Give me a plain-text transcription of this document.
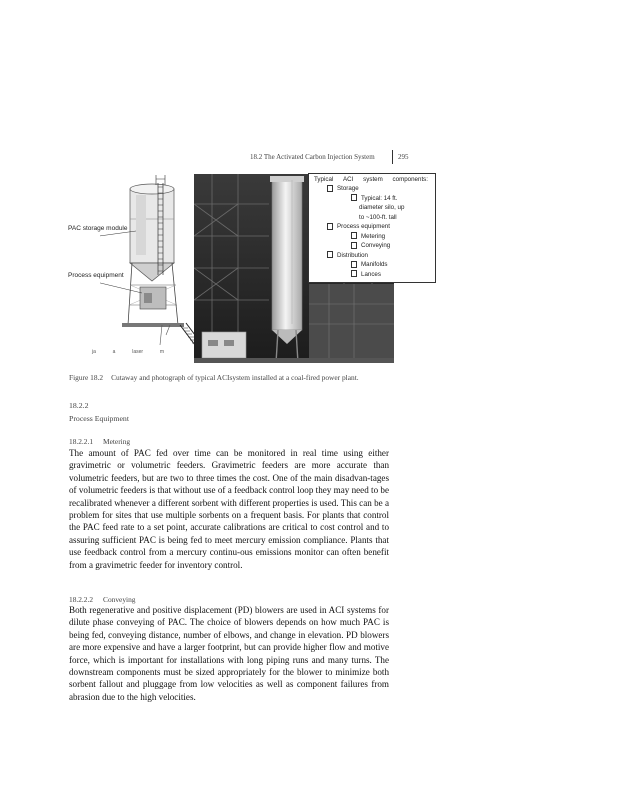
18.2 The Activated Carbon Injection System	295
PAC storage module
Process equipment
ja	a	laser	m
Typical ACI system components:
Storage
Typical: 14 ft.
diameter silo, up
to ~100-ft. tall
Process equipment
Metering
Conveying
Distribution
Manifolds
Lances
Figure 18.2 Cutaway and photograph of typical ACIsystem installed at a coal-fired power plant.
18.2.2
Process Equipment
18.2.2.1 Metering

The amount of PAC fed over time can be monitored in real time using either gravimetric or volumetric feeders. Gravimetric feeders are more accurate than volumetric feeders, but are two to three times the cost. One of the main disadvan-tages of volumetric feeders is that without use of a feedback control loop they may need to be recalibrated whenever a different sorbent with different properties is used. This can be a problem for sites that use multiple sorbents on a frequent basis. For plants that control the PAC feed rate to a set point, accurate calibrations are critical to cost control and to assuring sufficient PAC is being fed to meet mercury emission compliance. Plants that use feedback control from a mercury continu-ous emissions monitor can often benefit from a gravimetric feeder for inventory control.

18.2.2.2 Conveying

Both regenerative and positive displacement (PD) blowers are used in ACI systems for dilute phase conveying of PAC. The choice of blowers depends on how much PAC is being fed, conveying distance, number of elbows, and change in elevation. PD blowers are more expensive and have a larger footprint, but can provide higher flow and motive force, which is important for installations with long piping runs and many turns. The downstream components must be sized appropriately for the blower to minimize both sorbent fallout and pluggage from low velocities as well as component failures from abrasion due to the high velocities.
